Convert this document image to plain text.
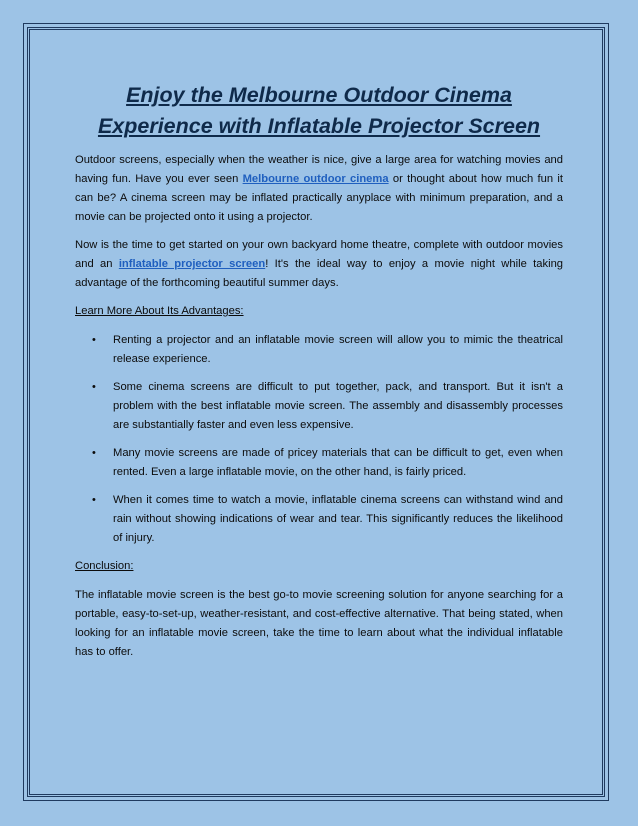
Enjoy the Melbourne Outdoor Cinema
Experience with Inflatable Projector Screen

Outdoor screens, especially when the weather is nice, give a large area for watching movies and having fun. Have you ever seen Melbourne outdoor cinema or thought about how much fun it can be? A cinema screen may be inflated practically anyplace with minimum preparation, and a movie can be projected onto it using a projector.

Now is the time to get started on your own backyard home theatre, complete with outdoor movies and an inflatable projector screen! It's the ideal way to enjoy a movie night while taking advantage of the forthcoming beautiful summer days.

Learn More About Its Advantages:
• Renting a projector and an inflatable movie screen will allow you to mimic the theatrical release experience.
• Some cinema screens are difficult to put together, pack, and transport. But it isn't a problem with the best inflatable movie screen. The assembly and disassembly processes are substantially faster and even less expensive.
• Many movie screens are made of pricey materials that can be difficult to get, even when rented. Even a large inflatable movie, on the other hand, is fairly priced.
• When it comes time to watch a movie, inflatable cinema screens can withstand wind and rain without showing indications of wear and tear. This significantly reduces the likelihood of injury.
Conclusion:

The inflatable movie screen is the best go-to movie screening solution for anyone searching for a portable, easy-to-set-up, weather-resistant, and cost-effective alternative. That being stated, when looking for an inflatable movie screen, take the time to learn about what the individual inflatable has to offer.
